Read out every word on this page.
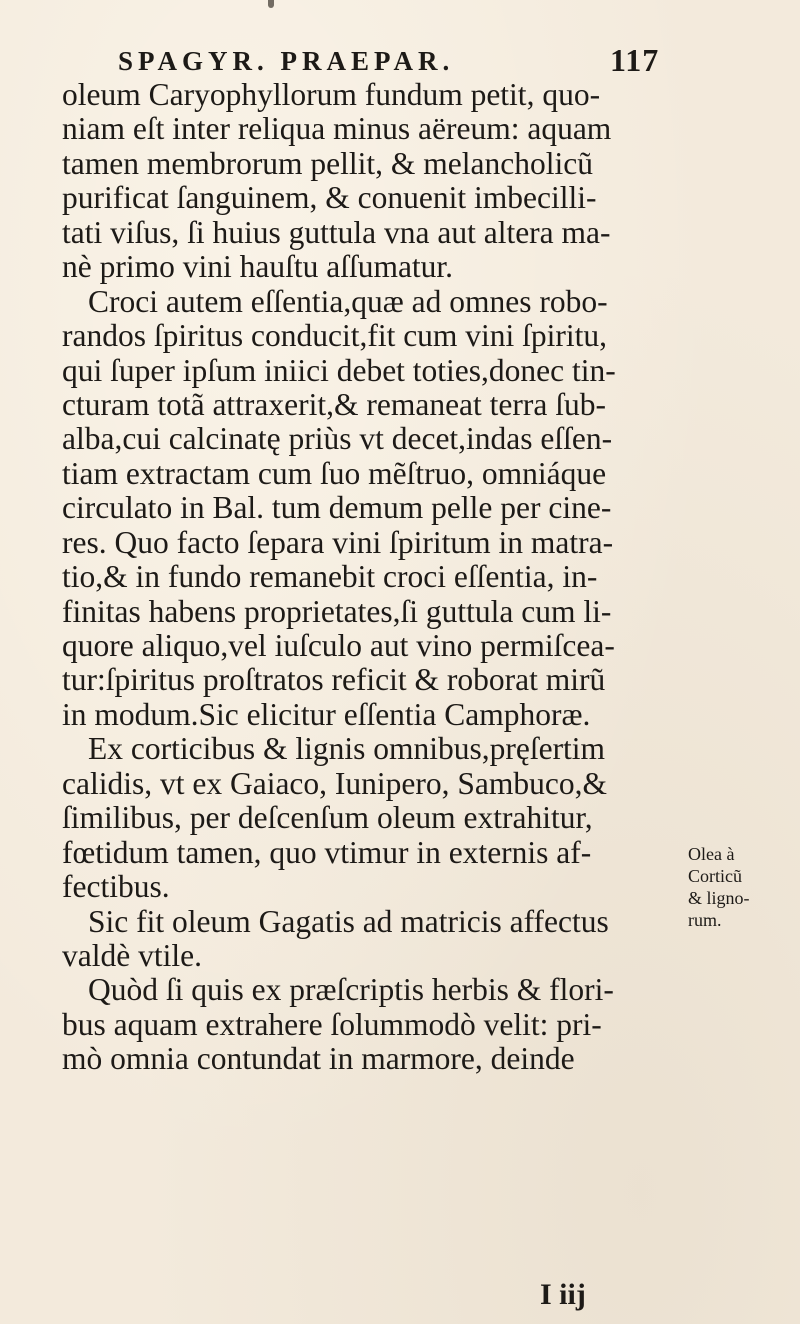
SPAGYR. PRAEPAR.	117
oleum Caryophyllorum fundum petit, quo-
niam eſt inter reliqua minus aëreum: aquam
tamen membrorum pellit, & melancholicũ
purificat ſanguinem, & conuenit imbecilli-
tati viſus, ſi huius guttula vna aut altera ma-
nè primo vini hauſtu aſſumatur.
Croci autem eſſentia,quæ ad omnes robo-
randos ſpiritus conducit,fit cum vini ſpiritu,
qui ſuper ipſum iniici debet toties,donec tin-
cturam totã attraxerit,& remaneat terra ſub-
alba,cui calcinatę priùs vt decet,indas eſſen-
tiam extractam cum ſuo mẽſtruo, omniáque
circulato in Bal. tum demum pelle per cine-
res. Quo facto ſepara vini ſpiritum in matra-
tio,& in fundo remanebit croci eſſentia, in-
finitas habens proprietates,ſi guttula cum li-
quore aliquo,vel iuſculo aut vino permiſcea-
tur:ſpiritus proſtratos reficit & roborat mirũ
in modum.Sic elicitur eſſentia Camphoræ.
Ex corticibus & lignis omnibus,pręſertim
calidis, vt ex Gaiaco, Iunipero, Sambuco,&
ſimilibus, per deſcenſum oleum extrahitur,
fœtidum tamen, quo vtimur in externis af-
fectibus.
Sic fit oleum Gagatis ad matricis affectus
valdè vtile.
Quòd ſi quis ex præſcriptis herbis & flori-
bus aquam extrahere ſolummodò velit: pri-
mò omnia contundat in marmore, deinde
Olea à
Corticũ
& ligno-
rum.
I iij
